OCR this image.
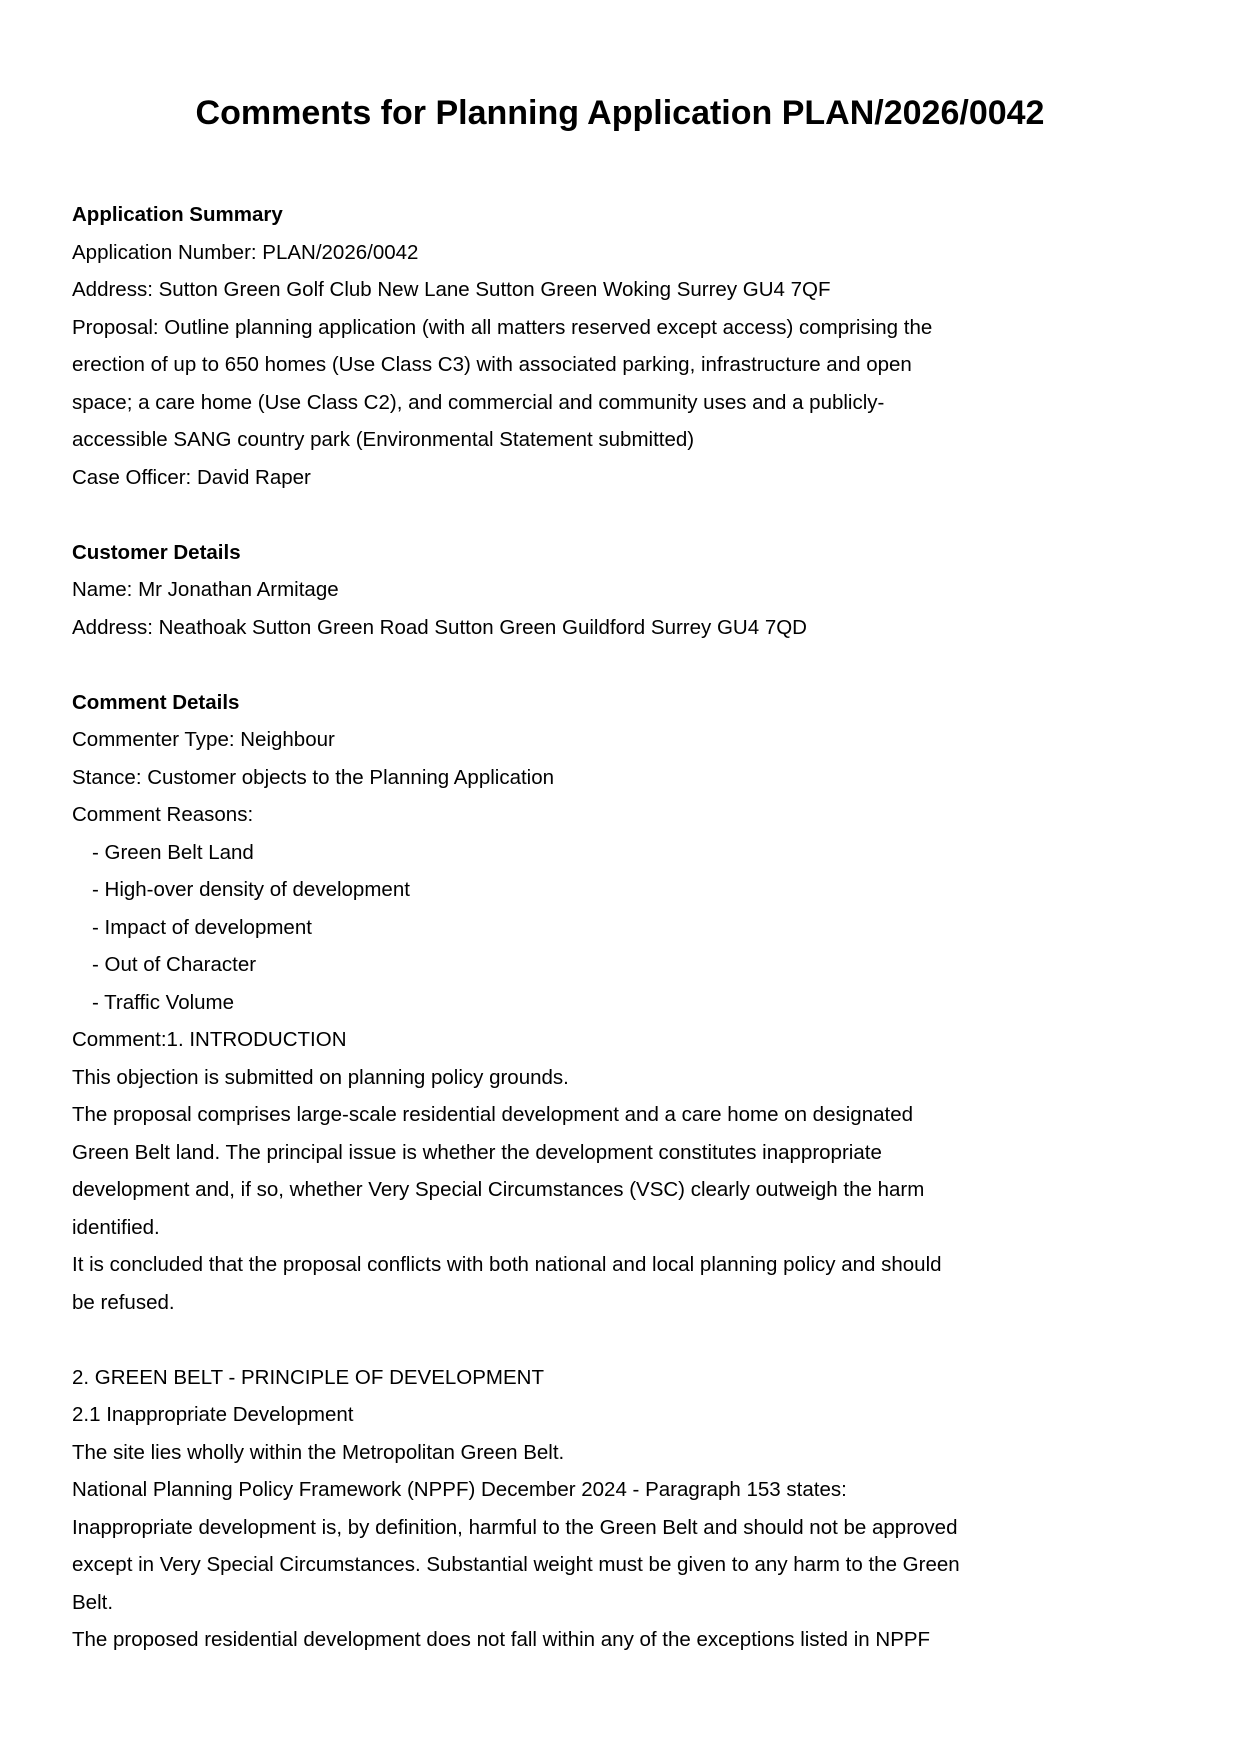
Comments for Planning Application PLAN/2026/0042
Application Summary
Application Number: PLAN/2026/0042
Address: Sutton Green Golf Club New Lane Sutton Green Woking Surrey GU4 7QF
Proposal: Outline planning application (with all matters reserved except access) comprising the
erection of up to 650 homes (Use Class C3) with associated parking, infrastructure and open
space; a care home (Use Class C2), and commercial and community uses and a publicly-
accessible SANG country park (Environmental Statement submitted)
Case Officer: David Raper
Customer Details
Name: Mr Jonathan Armitage
Address: Neathoak Sutton Green Road Sutton Green Guildford Surrey GU4 7QD
Comment Details
Commenter Type: Neighbour
Stance: Customer objects to the Planning Application
Comment Reasons:
- Green Belt Land
- High-over density of development
- Impact of development
- Out of Character
- Traffic Volume
Comment:1. INTRODUCTION
This objection is submitted on planning policy grounds.
The proposal comprises large-scale residential development and a care home on designated
Green Belt land. The principal issue is whether the development constitutes inappropriate
development and, if so, whether Very Special Circumstances (VSC) clearly outweigh the harm
identified.
It is concluded that the proposal conflicts with both national and local planning policy and should
be refused.
2. GREEN BELT - PRINCIPLE OF DEVELOPMENT
2.1 Inappropriate Development
The site lies wholly within the Metropolitan Green Belt.
National Planning Policy Framework (NPPF) December 2024 - Paragraph 153 states:
Inappropriate development is, by definition, harmful to the Green Belt and should not be approved
except in Very Special Circumstances. Substantial weight must be given to any harm to the Green
Belt.
The proposed residential development does not fall within any of the exceptions listed in NPPF
